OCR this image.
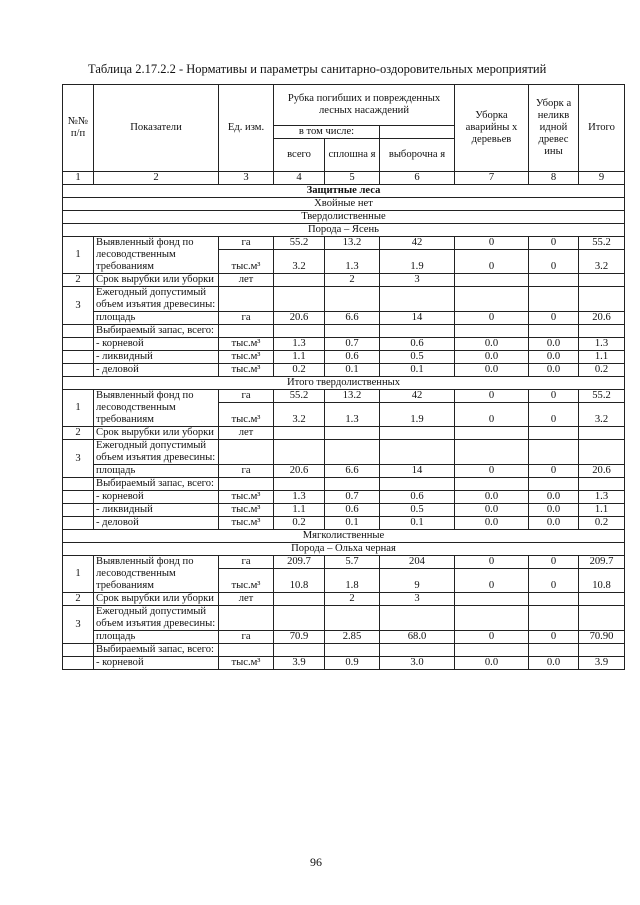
Таблица 2.17.2.2 - Нормативы и параметры санитарно-оздоровительных мероприятий
№№ п/п	Показатели	Ед. изм.	Рубка погибших и поврежденных лесных насаждений			Уборка аварийны х деревьев	Уборк а неликв идной древес ины	Итого
			в том числе:					
			всего	сплошна я	выборочна я			
1	2	3	4	5	6	7	8	9
Защитные леса								
Хвойные нет								
Твердолиственные								
Порода – Ясень								
1	Выявленный фонд по лесоводственным требованиям	га	55.2	13.2	42	0	0	55.2
		тыс.м³	3.2	1.3	1.9	0	0	3.2
2	Срок вырубки или уборки	лет		2	3			
3	Ежегодный допустимый объем изъятия древесины:							
	площадь	га	20.6	6.6	14	0	0	20.6
	Выбираемый запас, всего:							
	- корневой	тыс.м³	1.3	0.7	0.6	0.0	0.0	1.3
	- ликвидный	тыс.м³	1.1	0.6	0.5	0.0	0.0	1.1
	- деловой	тыс.м³	0.2	0.1	0.1	0.0	0.0	0.2
Итого твердолиственных								
1	Выявленный фонд по лесоводственным требованиям	га	55.2	13.2	42	0	0	55.2
		тыс.м³	3.2	1.3	1.9	0	0	3.2
2	Срок вырубки или уборки	лет						
3	Ежегодный допустимый объем изъятия древесины:							
	площадь	га	20.6	6.6	14	0	0	20.6
	Выбираемый запас, всего:							
	- корневой	тыс.м³	1.3	0.7	0.6	0.0	0.0	1.3
	- ликвидный	тыс.м³	1.1	0.6	0.5	0.0	0.0	1.1
	- деловой	тыс.м³	0.2	0.1	0.1	0.0	0.0	0.2
Мягколиственные								
Порода – Ольха черная								
1	Выявленный фонд по лесоводственным требованиям	га	209.7	5.7	204	0	0	209.7
		тыс.м³	10.8	1.8	9	0	0	10.8
2	Срок вырубки или уборки	лет		2	3			
3	Ежегодный допустимый объем изъятия древесины:							
	площадь	га	70.9	2.85	68.0	0	0	70.90
	Выбираемый запас, всего:							
	- корневой	тыс.м³	3.9	0.9	3.0	0.0	0.0	3.9
96
